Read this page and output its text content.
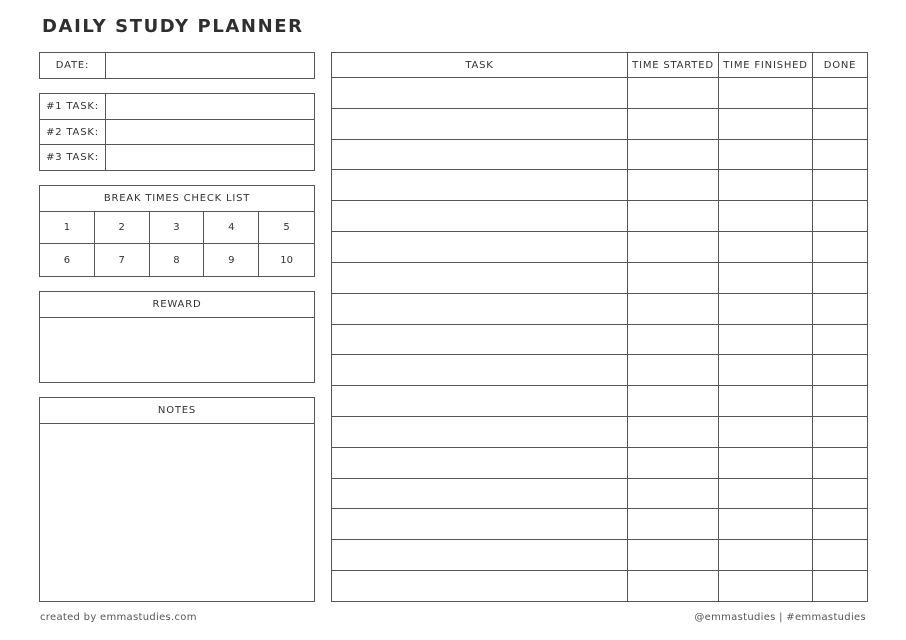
DAILY STUDY PLANNER
DATE:
#1 TASK:
#2 TASK:
#3 TASK:
BREAK TIMES CHECK LIST
1	2	3	4	5
6	7	8	9	10
REWARD
NOTES
TASK	TIME STARTED	TIME FINISHED	DONE

created by emmastudies.com	@emmastudies | #emmastudies
